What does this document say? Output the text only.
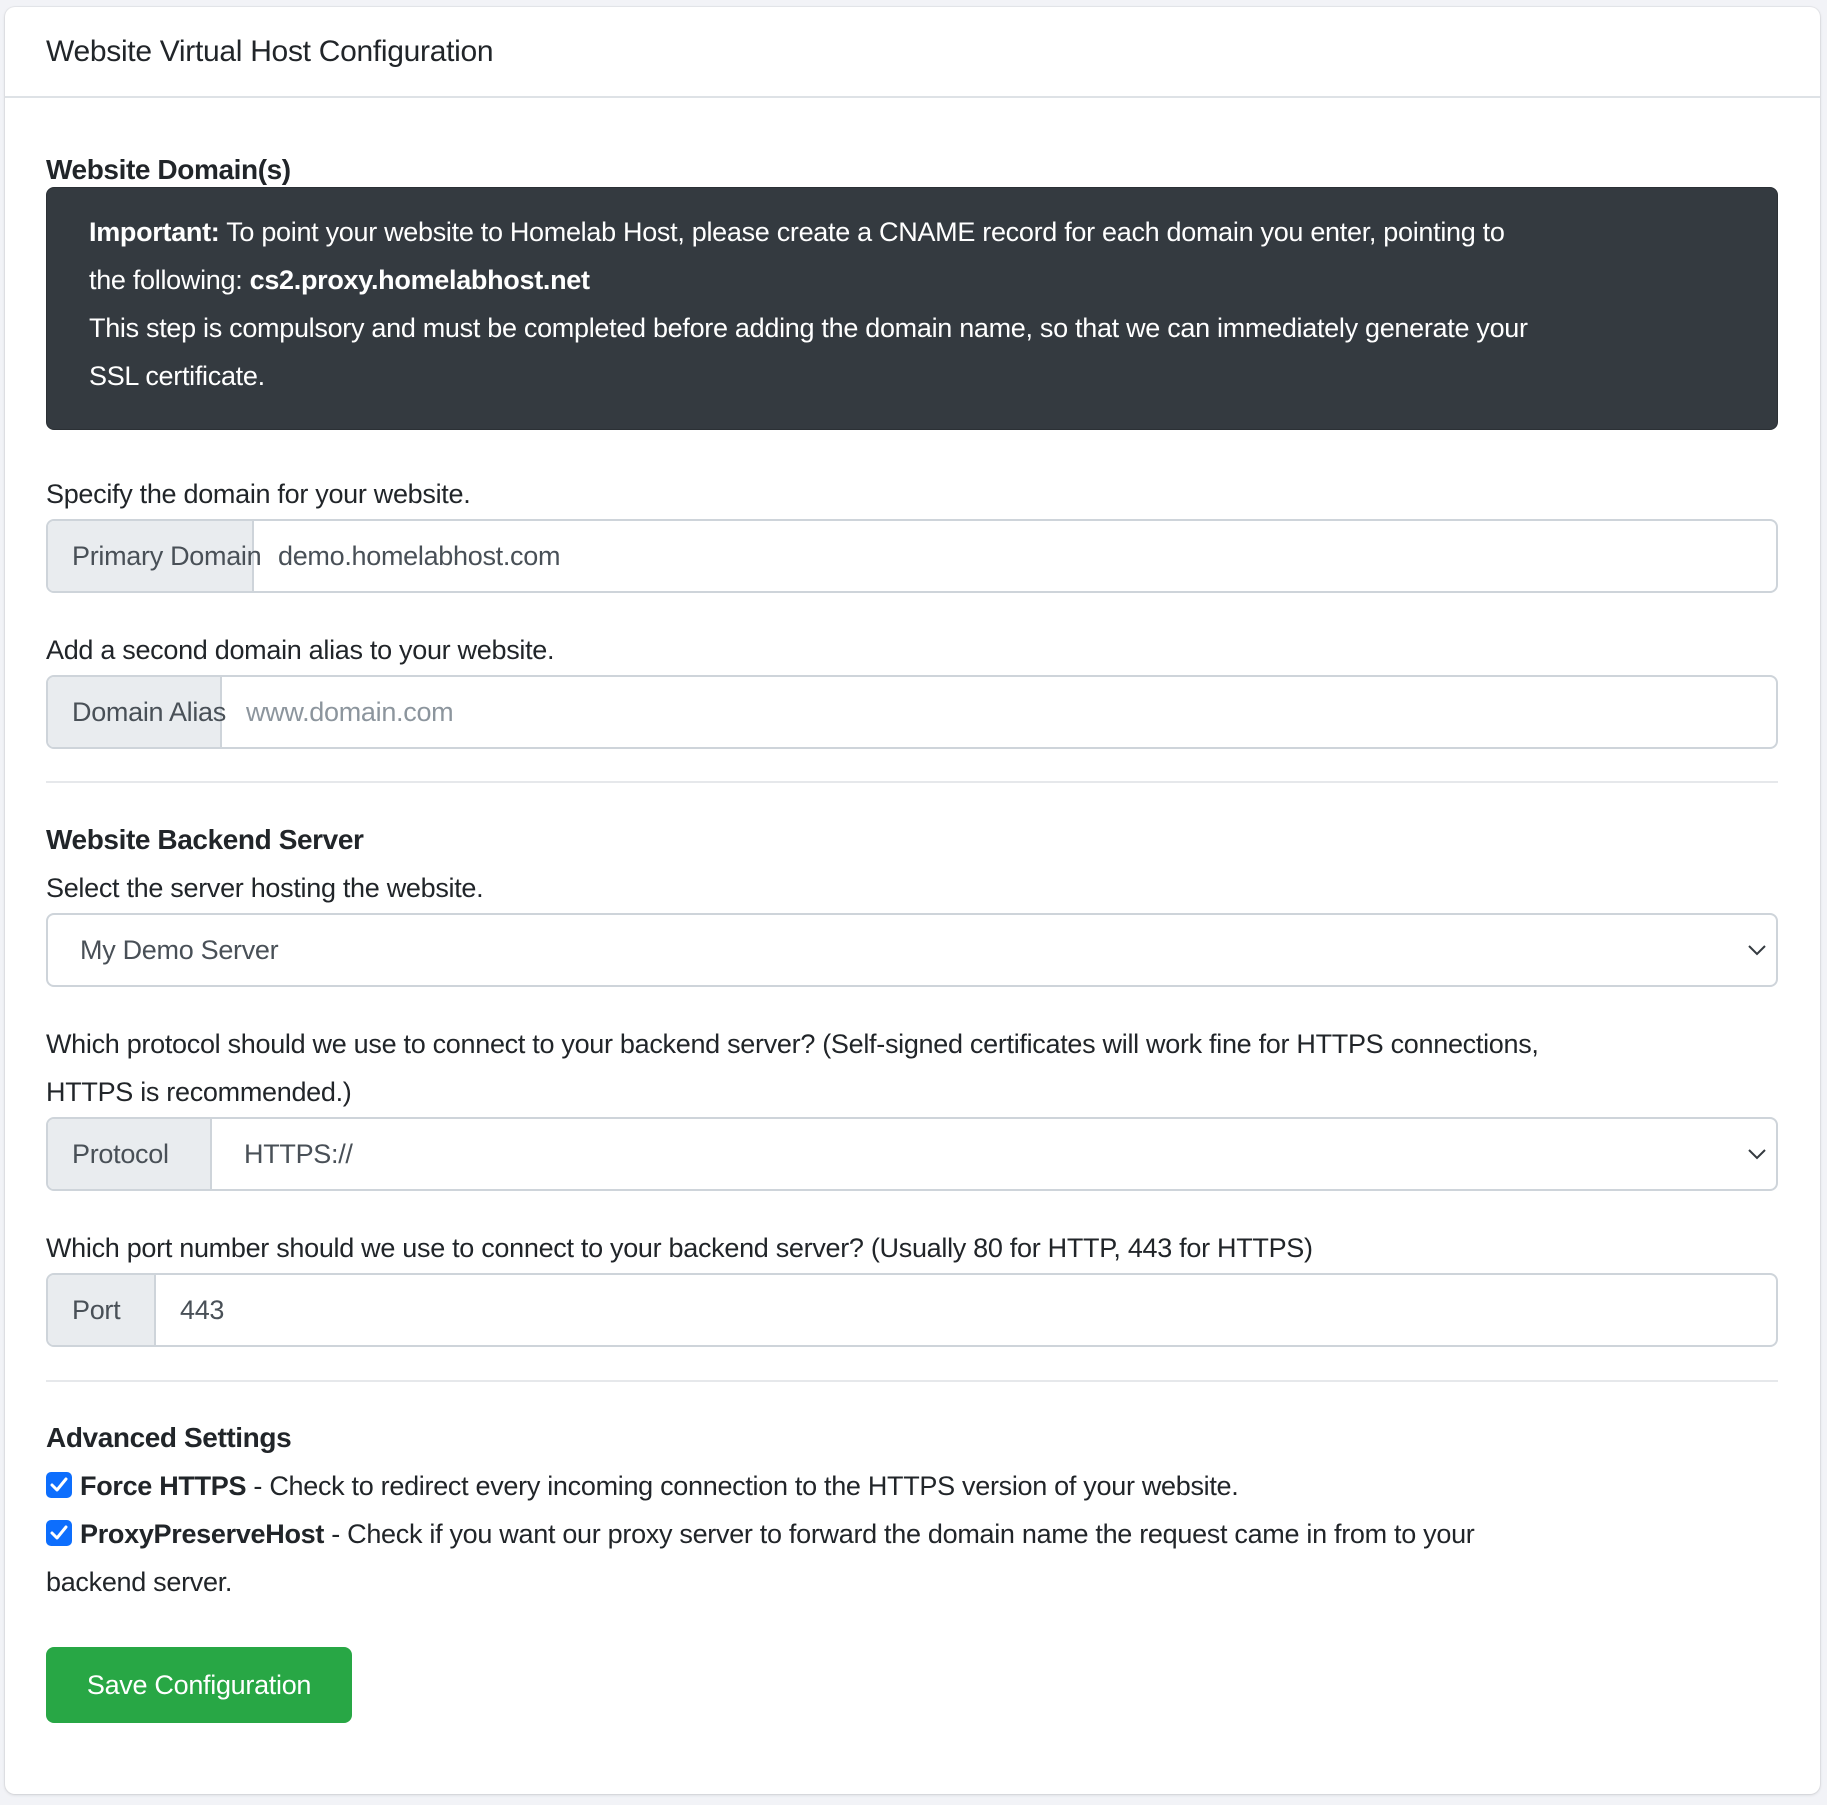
Website Virtual Host Configuration
Website Domain(s)

Important: To point your website to Homelab Host, please create a CNAME record for each domain you enter, pointing to

the following: cs2.proxy.homelabhost.net

This step is compulsory and must be completed before adding the domain name, so that we can immediately generate your

SSL certificate.

Specify the domain for your website.
Primary Domain demo.homelabhost.com
Add a second domain alias to your website.
Domain Alias www.domain.com
Website Backend Server
Select the server hosting the website.
My Demo Server
Which protocol should we use to connect to your backend server? (Self-signed certificates will work fine for HTTPS connections,
HTTPS is recommended.)
Protocol	HTTPS://
Which port number should we use to connect to your backend server? (Usually 80 for HTTP, 443 for HTTPS)
Port	443
Advanced Settings
Force HTTPS - Check to redirect every incoming connection to the HTTPS version of your website.
ProxyPreserveHost - Check if you want our proxy server to forward the domain name the request came in from to your
backend server.
Save Configuration
